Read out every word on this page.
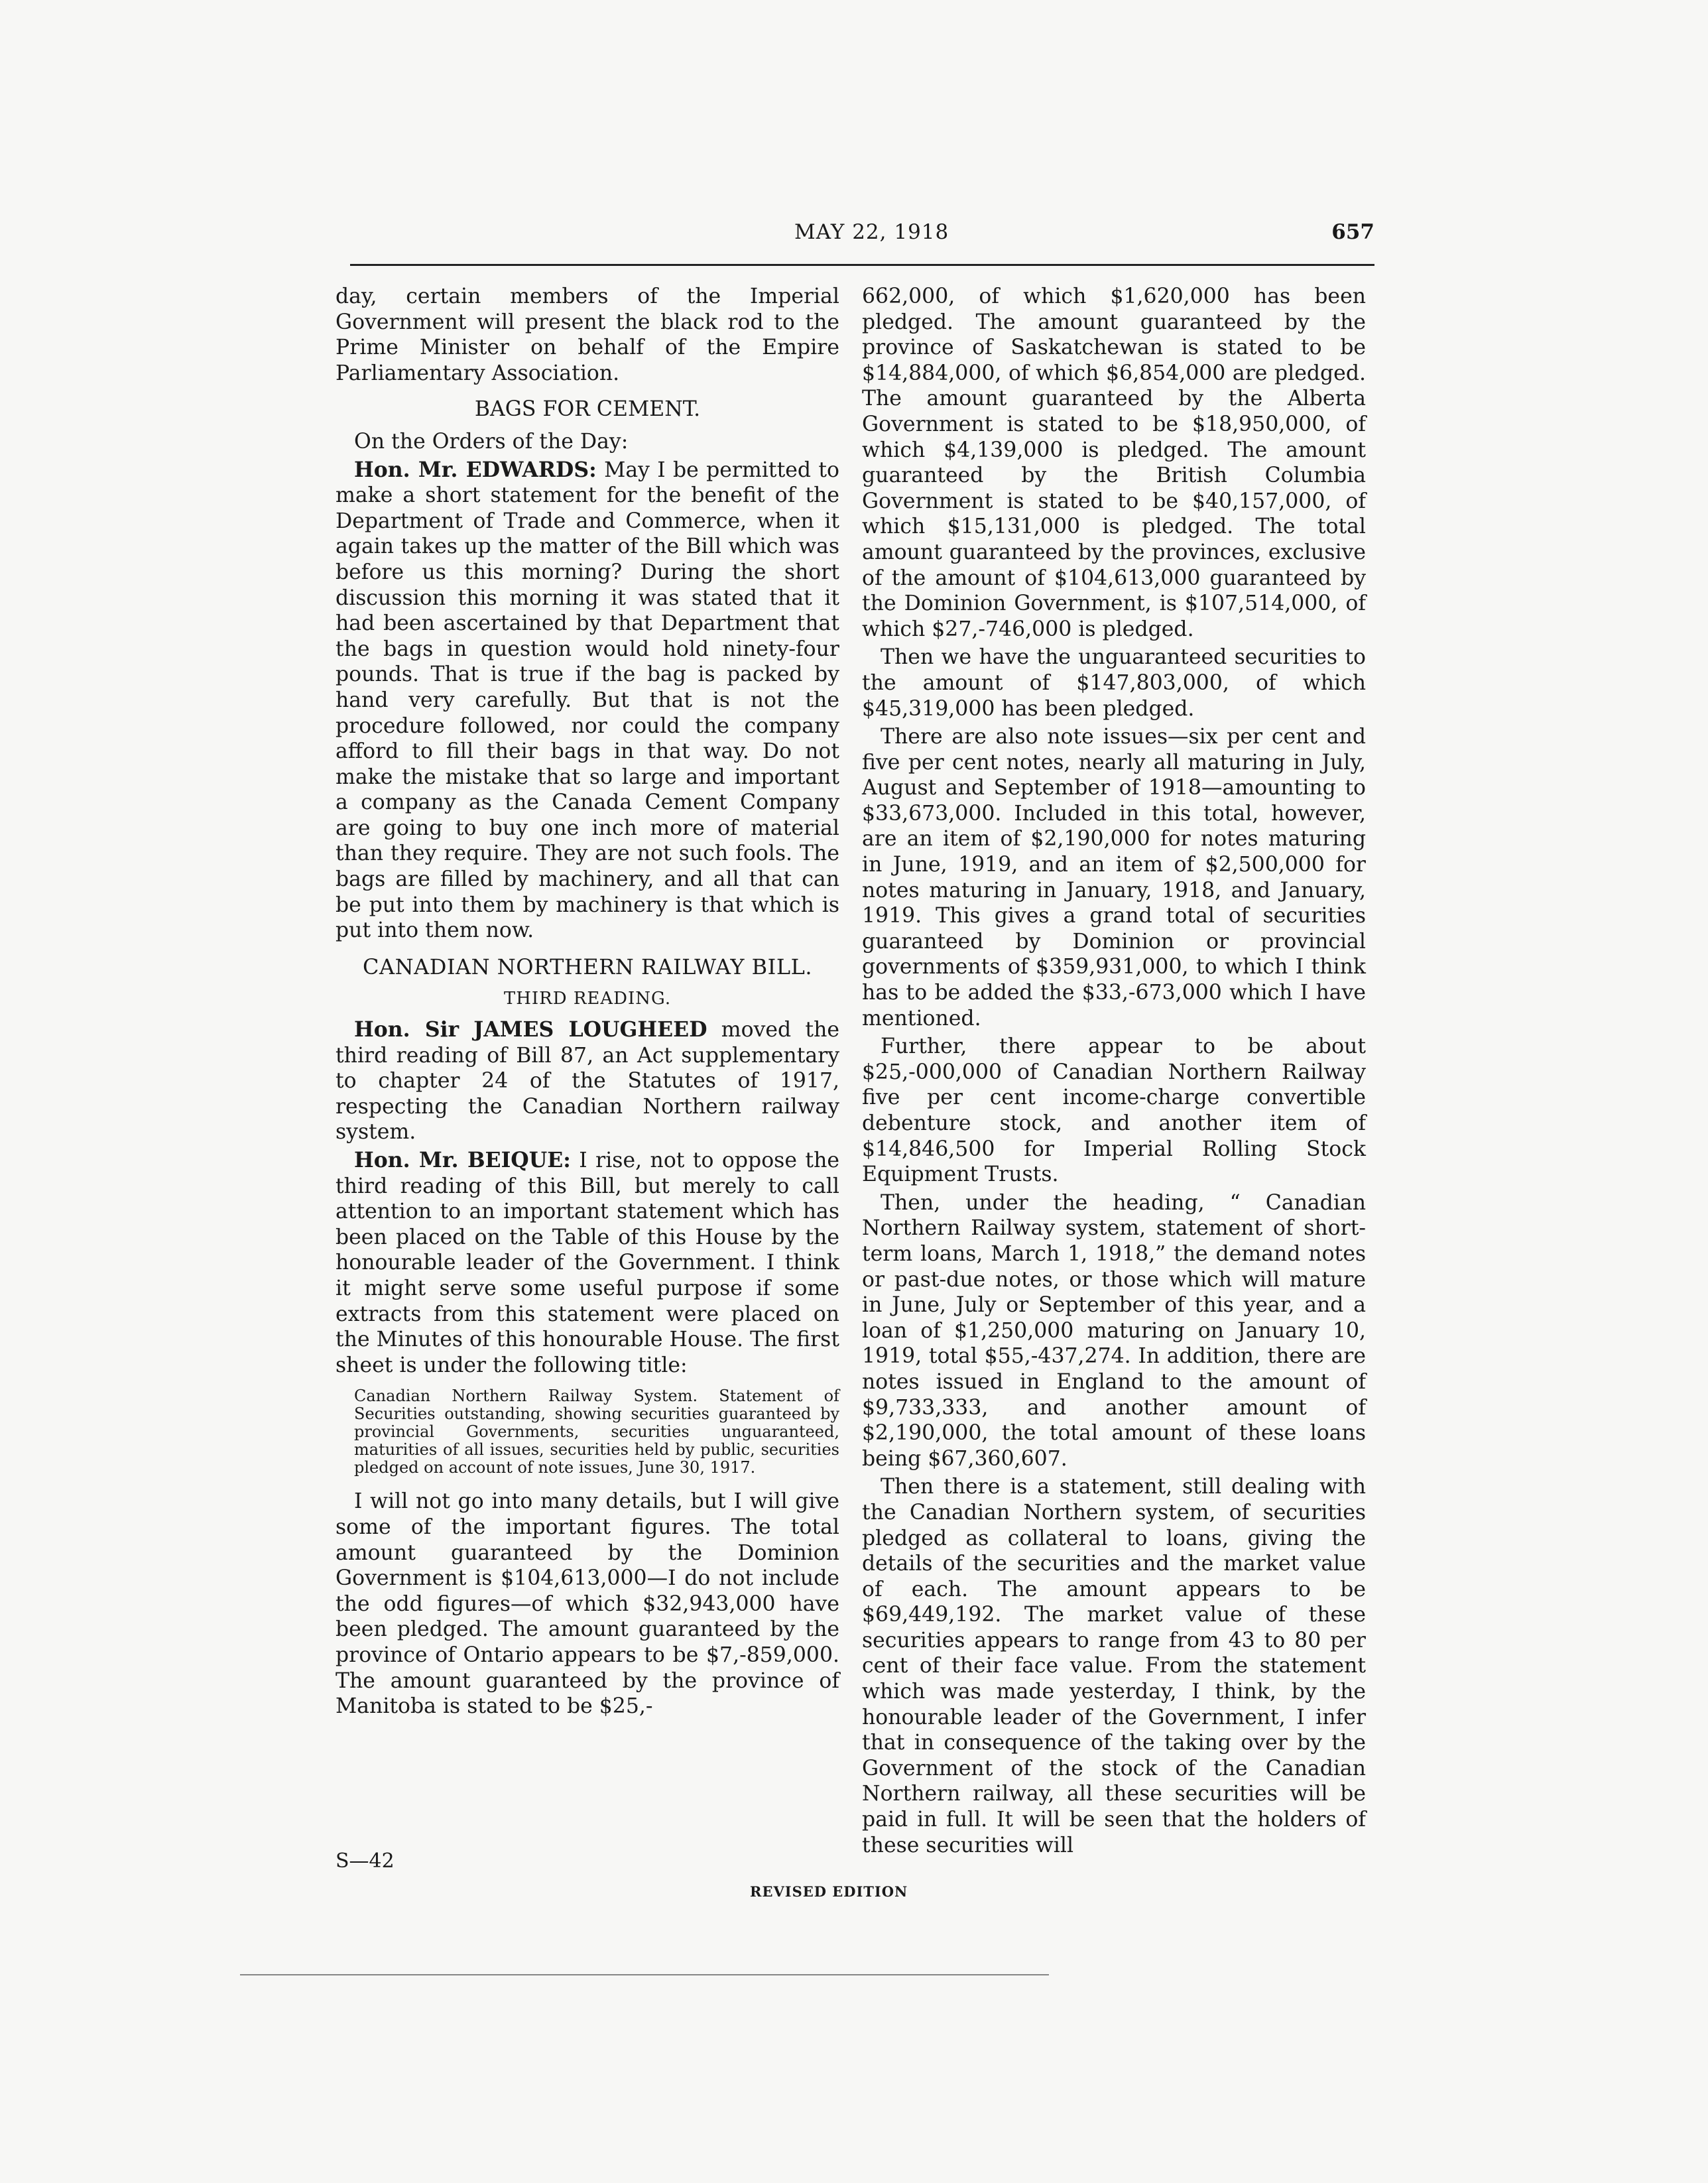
MAY 22, 1918	657

day, certain members of the Imperial Government will present the black rod to the Prime Minister on behalf of the Empire Parliamentary Association.

BAGS FOR CEMENT.

On the Orders of the Day:

Hon. Mr. EDWARDS: May I be permitted to make a short statement for the benefit of the Department of Trade and Commerce, when it again takes up the matter of the Bill which was before us this morning? During the short discussion this morning it was stated that it had been ascertained by that Department that the bags in question would hold ninety-four pounds. That is true if the bag is packed by hand very carefully. But that is not the procedure followed, nor could the company afford to fill their bags in that way. Do not make the mistake that so large and important a company as the Canada Cement Company are going to buy one inch more of material than they require. They are not such fools. The bags are filled by machinery, and all that can be put into them by machinery is that which is put into them now.

CANADIAN NORTHERN RAILWAY BILL.
THIRD READING.

Hon. Sir JAMES LOUGHEED moved the third reading of Bill 87, an Act supplementary to chapter 24 of the Statutes of 1917, respecting the Canadian Northern railway system.

Hon. Mr. BEIQUE: I rise, not to oppose the third reading of this Bill, but merely to call attention to an important statement which has been placed on the Table of this House by the honourable leader of the Government. I think it might serve some useful purpose if some extracts from this statement were placed on the Minutes of this honourable House. The first sheet is under the following title:

Canadian Northern Railway System. Statement of Securities outstanding, showing securities guaranteed by provincial Governments, securities unguaranteed, maturities of all issues, securities held by public, securities pledged on account of note issues, June 30, 1917.

I will not go into many details, but I will give some of the important figures. The total amount guaranteed by the Dominion Government is $104,613,000—I do not include the odd figures—of which $32,943,000 have been pledged. The amount guaranteed by the province of Ontario appears to be $7,-859,000. The amount guaranteed by the province of Manitoba is stated to be $25,-

S—42

662,000, of which $1,620,000 has been pledged. The amount guaranteed by the province of Saskatchewan is stated to be $14,884,000, of which $6,854,000 are pledged. The amount guaranteed by the Alberta Government is stated to be $18,950,000, of which $4,139,000 is pledged. The amount guaranteed by the British Columbia Government is stated to be $40,157,000, of which $15,131,000 is pledged. The total amount guaranteed by the provinces, exclusive of the amount of $104,613,000 guaranteed by the Dominion Government, is $107,514,000, of which $27,-746,000 is pledged.

Then we have the unguaranteed securities to the amount of $147,803,000, of which $45,319,000 has been pledged.

There are also note issues—six per cent and five per cent notes, nearly all maturing in July, August and September of 1918—amounting to $33,673,000. Included in this total, however, are an item of $2,190,000 for notes maturing in June, 1919, and an item of $2,500,000 for notes maturing in January, 1918, and January, 1919. This gives a grand total of securities guaranteed by Dominion or provincial governments of $359,931,000, to which I think has to be added the $33,-673,000 which I have mentioned.

Further, there appear to be about $25,-000,000 of Canadian Northern Railway five per cent income-charge convertible debenture stock, and another item of $14,846,500 for Imperial Rolling Stock Equipment Trusts.

Then, under the heading, “ Canadian Northern Railway system, statement of short-term loans, March 1, 1918,” the demand notes or past-due notes, or those which will mature in June, July or September of this year, and a loan of $1,250,000 maturing on January 10, 1919, total $55,-437,274. In addition, there are notes issued in England to the amount of $9,733,333, and another amount of $2,190,000, the total amount of these loans being $67,360,607.

Then there is a statement, still dealing with the Canadian Northern system, of securities pledged as collateral to loans, giving the details of the securities and the market value of each. The amount appears to be $69,449,192. The market value of these securities appears to range from 43 to 80 per cent of their face value. From the statement which was made yesterday, I think, by the honourable leader of the Government, I infer that in consequence of the taking over by the Government of the stock of the Canadian Northern railway, all these securities will be paid in full. It will be seen that the holders of these securities will

REVISED EDITION
